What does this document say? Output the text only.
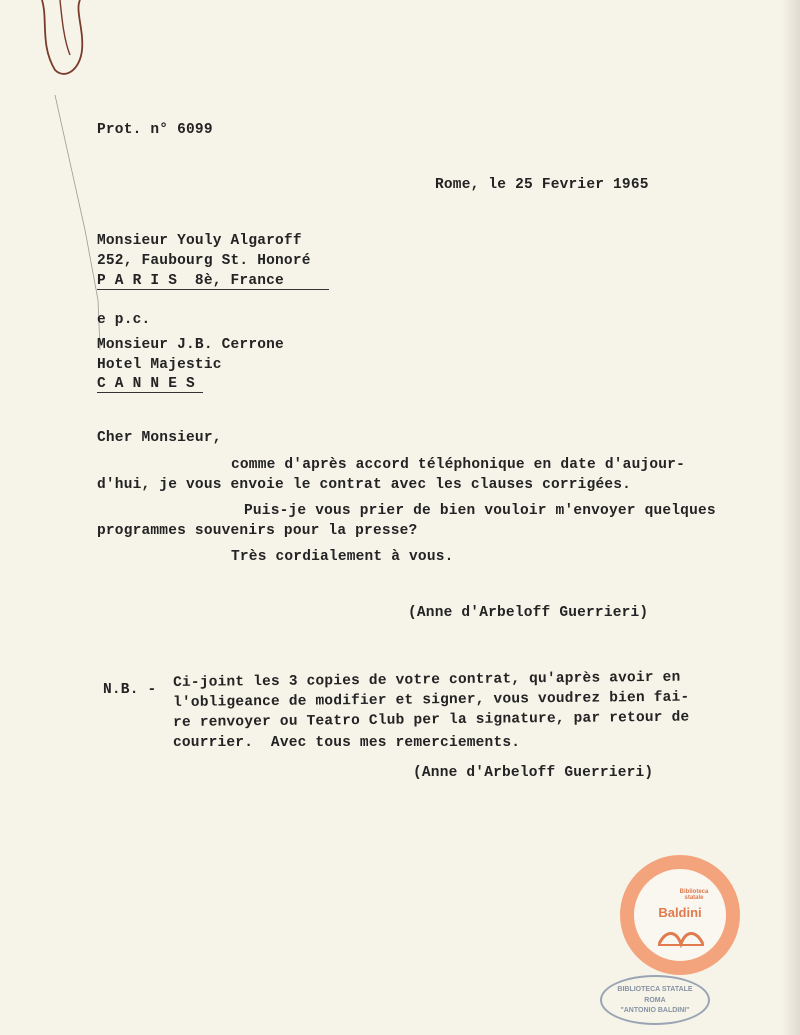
Prot. n° 6099
Rome, le 25 Fevrier 1965
Monsieur Youly Algaroff
252, Faubourg St. Honoré
P A R I S  8è, France
e p.c.
Monsieur J.B. Cerrone
Hotel Majestic
C A N N E S
Cher Monsieur,
comme d'après accord téléphonique en date d'aujour-
d'hui, je vous envoie le contrat avec les clauses corrigées.
Puis-je vous prier de bien vouloir m'envoyer quelques
programmes souvenirs pour la presse?
Très cordialement à vous.
(Anne d'Arbeloff Guerrieri)
N.B. - Ci-joint les 3 copies de votre contrat, qu'après avoir en
l'obligeance de modifier et signer, vous voudrez bien fai-
re renvoyer ou Teatro Club per la signature, par retour de
courrier.  Avec tous mes remerciements.
(Anne d'Arbeloff Guerrieri)
Biblioteca statale
Baldini
BIBLIOTECA STATALE
ROMA
"ANTONIO BALDINI"
